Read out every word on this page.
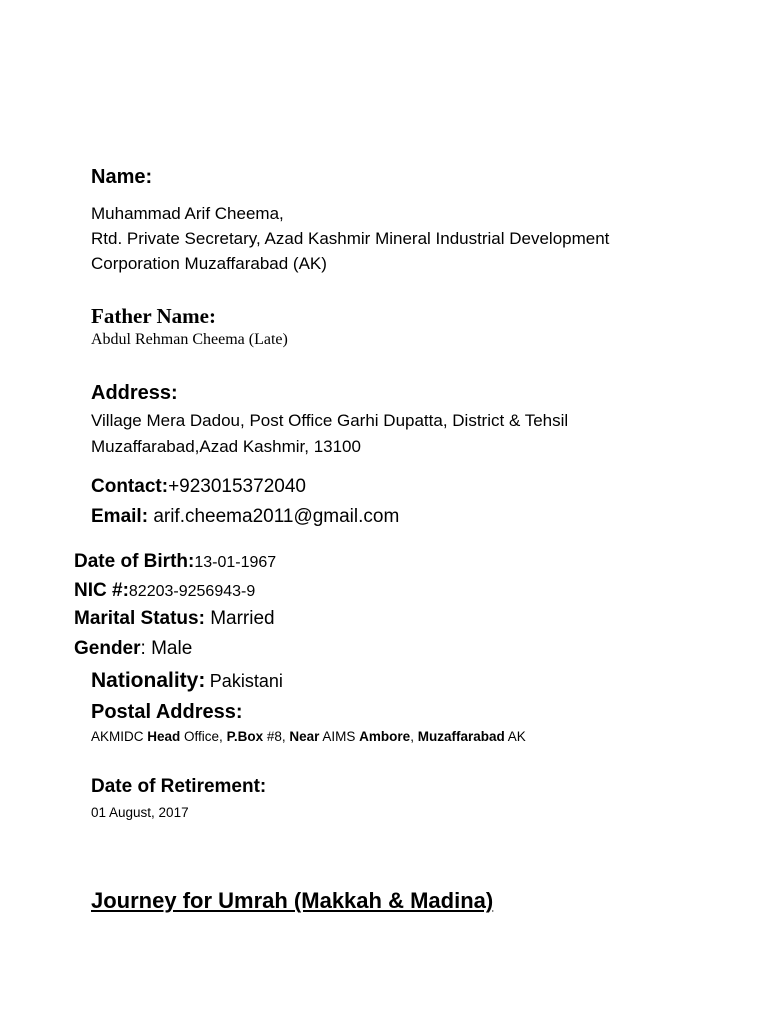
Name:
Muhammad Arif Cheema,
Rtd. Private Secretary, Azad Kashmir Mineral Industrial Development
Corporation Muzaffarabad (AK)
Father Name:
Abdul Rehman Cheema (Late)
Address:
Village Mera Dadou, Post Office Garhi Dupatta, District & Tehsil
Muzaffarabad,Azad Kashmir, 13100
Contact:+923015372040
Email: arif.cheema2011@gmail.com
Date of Birth:13-01-1967
NIC #:82203-9256943-9
Marital Status: Married
Gender: Male
Nationality: Pakistani
Postal Address:
AKMIDC Head Office, P.Box #8, Near AIMS Ambore, Muzaffarabad AK
Date of Retirement:
01 August, 2017
Journey for Umrah (Makkah & Madina)
